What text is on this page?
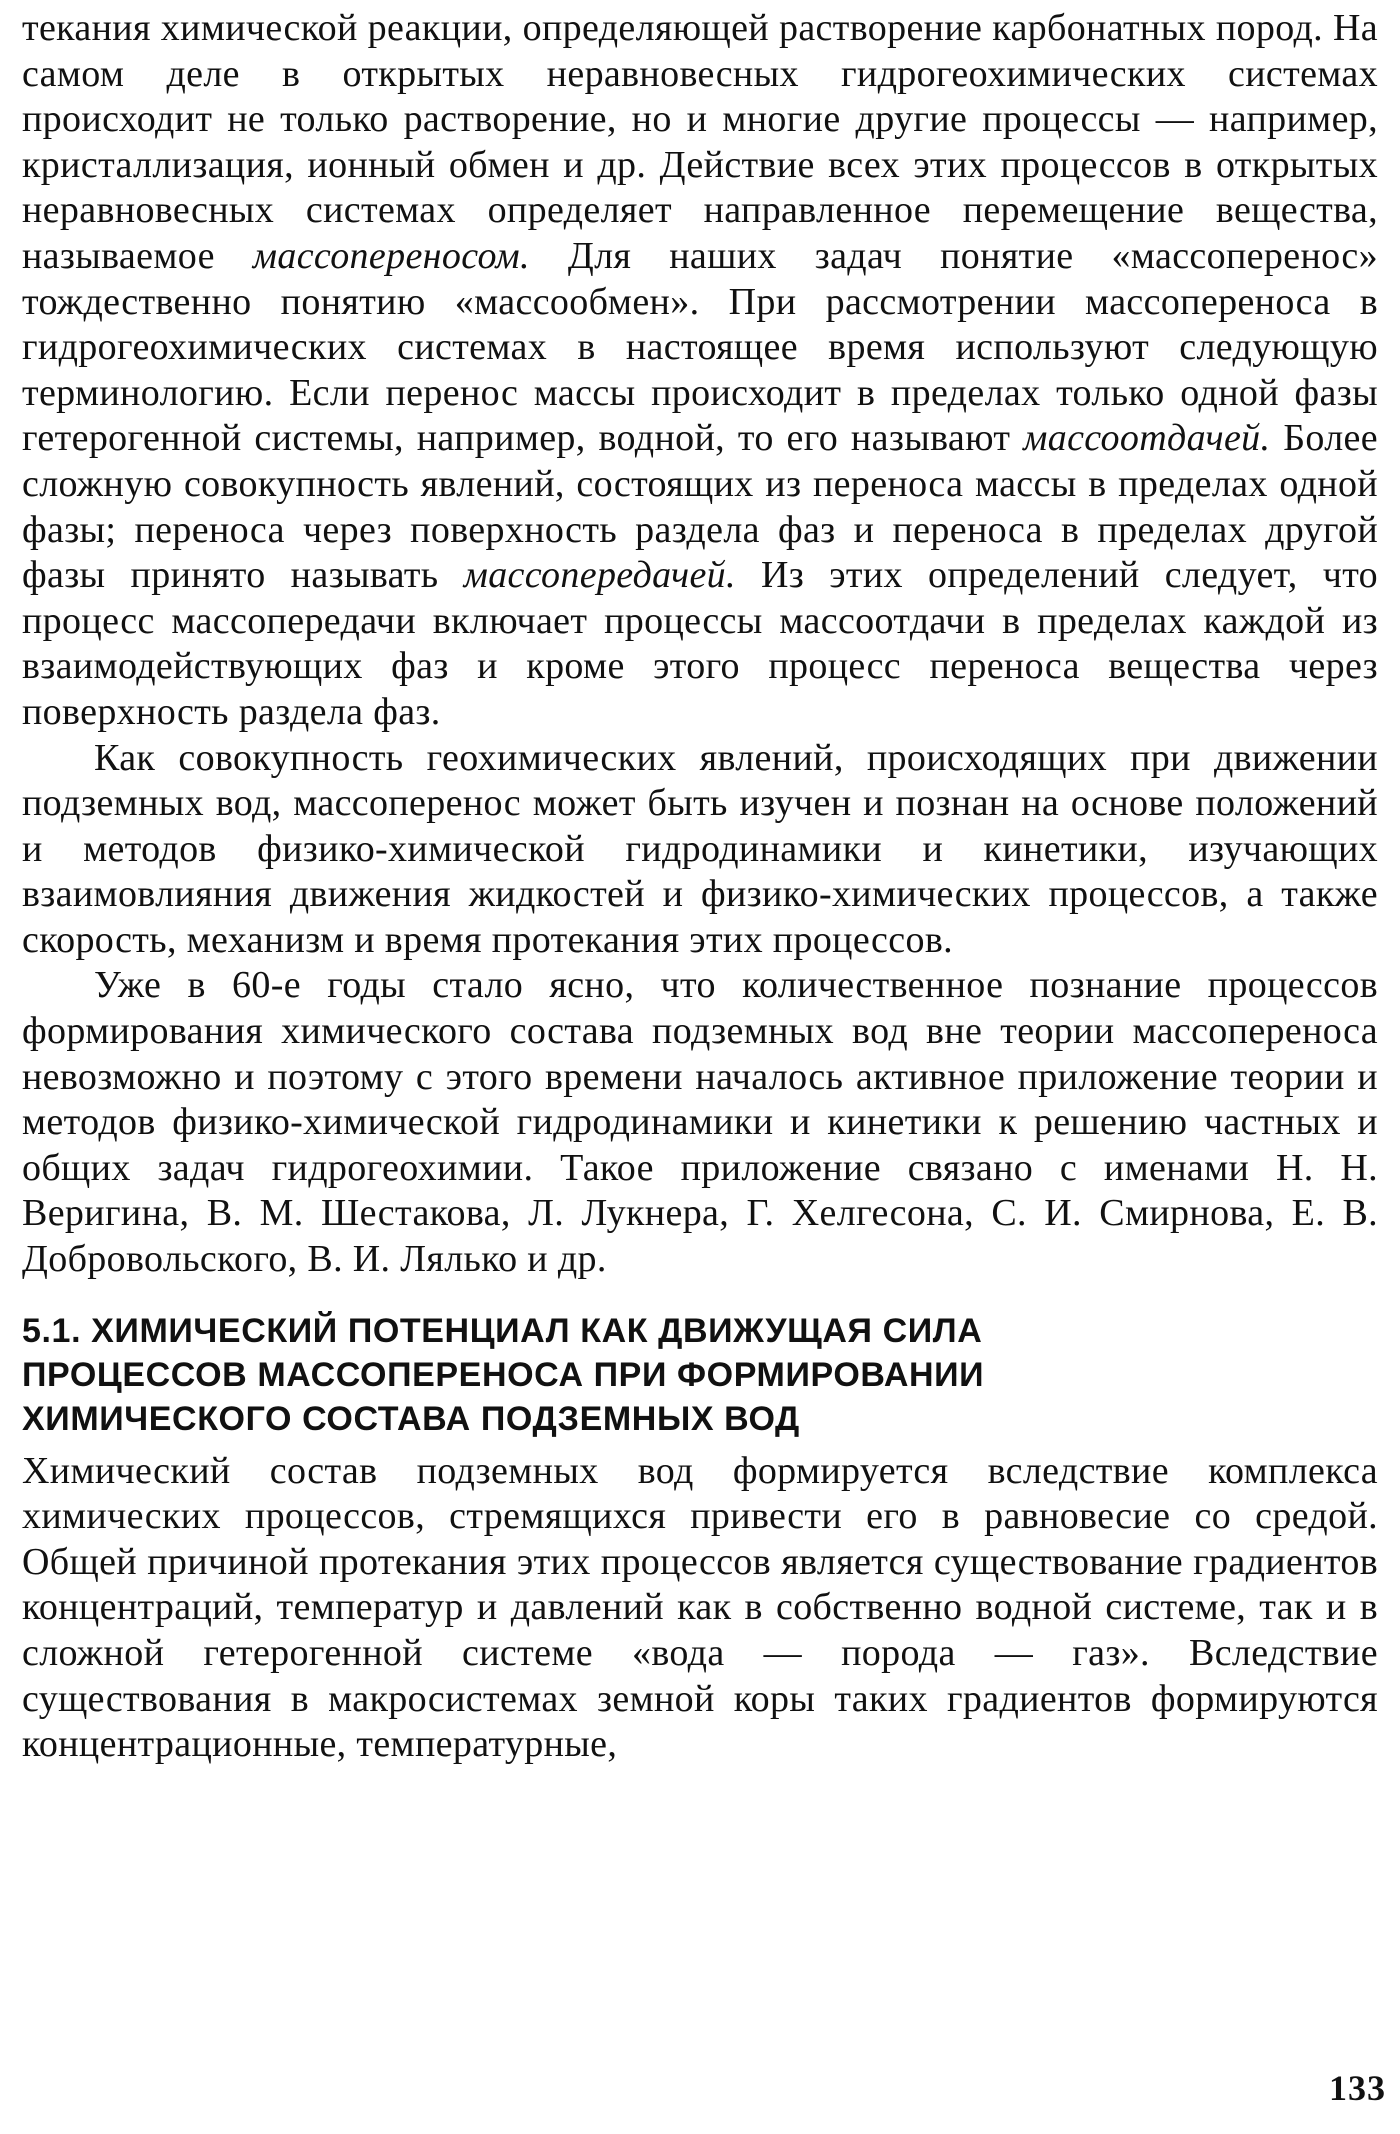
текания химической реакции, определяющей растворение карбонатных пород. На самом деле в открытых неравновесных гидрогеохимических системах происходит не только растворение, но и многие другие процессы — например, кристаллизация, ионный обмен и др. Действие всех этих процессов в открытых неравновесных системах определяет направленное перемещение вещества, называемое массопереносом. Для наших задач понятие «массоперенос» тождественно понятию «массообмен». При рассмотрении массопереноса в гидрогеохимических системах в настоящее время используют следующую терминологию. Если перенос массы происходит в пределах только одной фазы гетерогенной системы, например, водной, то его называют массоотдачей. Более сложную совокупность явлений, состоящих из переноса массы в пределах одной фазы; переноса через поверхность раздела фаз и переноса в пределах другой фазы принято называть массопередачей. Из этих определений следует, что процесс массопередачи включает процессы массоотдачи в пределах каждой из взаимодействующих фаз и кроме этого процесс переноса вещества через поверхность раздела фаз.

Как совокупность геохимических явлений, происходящих при движении подземных вод, массоперенос может быть изучен и познан на основе положений и методов физико-химической гидродинамики и кинетики, изучающих взаимовлияния движения жидкостей и физико-химических процессов, а также скорость, механизм и время протекания этих процессов.

Уже в 60-е годы стало ясно, что количественное познание процессов формирования химического состава подземных вод вне теории массопереноса невозможно и поэтому с этого времени началось активное приложение теории и методов физико-химической гидродинамики и кинетики к решению частных и общих задач гидрогеохимии. Такое приложение связано с именами Н. Н. Веригина, В. М. Шестакова, Л. Лукнера, Г. Хелгесона, С. И. Смирнова, Е. В. Добровольского, В. И. Лялько и др.

5.1. ХИМИЧЕСКИЙ ПОТЕНЦИАЛ КАК ДВИЖУЩАЯ СИЛА
ПРОЦЕССОВ МАССОПЕРЕНОСА ПРИ ФОРМИРОВАНИИ
ХИМИЧЕСКОГО СОСТАВА ПОДЗЕМНЫХ ВОД

Химический состав подземных вод формируется вследствие комплекса химических процессов, стремящихся привести его в равновесие со средой. Общей причиной протекания этих процессов является существование градиентов концентраций, температур и давлений как в собственно водной системе, так и в сложной гетерогенной системе «вода — порода — газ». Вследствие существования в макросистемах земной коры таких градиентов формируются концентрационные, температурные,

133
